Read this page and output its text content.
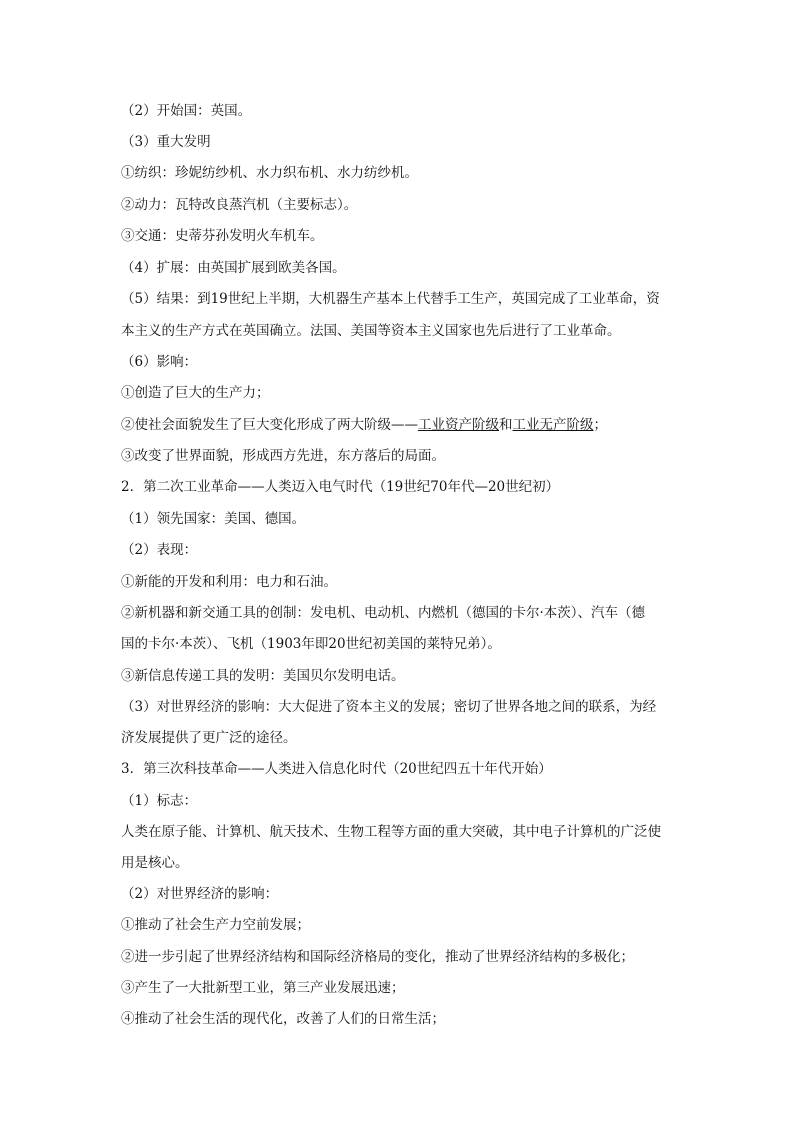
（2）开始国：英国。
（3）重大发明
①纺织：珍妮纺纱机、水力织布机、水力纺纱机。
②动力：瓦特改良蒸汽机（主要标志）。
③交通：史蒂芬孙发明火车机车。
（4）扩展：由英国扩展到欧美各国。
（5）结果：到19世纪上半期，大机器生产基本上代替手工生产，英国完成了工业革命，资
本主义的生产方式在英国确立。法国、美国等资本主义国家也先后进行了工业革命。
（6）影响：
①创造了巨大的生产力；
②使社会面貌发生了巨大变化形成了两大阶级——工业资产阶级和工业无产阶级；
③改变了世界面貌，形成西方先进，东方落后的局面。
2．第二次工业革命——人类迈入电气时代（19世纪70年代—20世纪初）
（1）领先国家：美国、德国。
（2）表现：
①新能的开发和利用：电力和石油。
②新机器和新交通工具的创制：发电机、电动机、内燃机（德国的卡尔·本茨）、汽车（德
国的卡尔·本茨）、飞机（1903年即20世纪初美国的莱特兄弟）。
③新信息传递工具的发明：美国贝尔发明电话。
（3）对世界经济的影响：大大促进了资本主义的发展；密切了世界各地之间的联系，为经
济发展提供了更广泛的途径。
3．第三次科技革命——人类进入信息化时代（20世纪四五十年代开始）
（1）标志：
人类在原子能、计算机、航天技术、生物工程等方面的重大突破，其中电子计算机的广泛使
用是核心。
（2）对世界经济的影响：
①推动了社会生产力空前发展；
②进一步引起了世界经济结构和国际经济格局的变化，推动了世界经济结构的多极化；
③产生了一大批新型工业，第三产业发展迅速；
④推动了社会生活的现代化，改善了人们的日常生活；
